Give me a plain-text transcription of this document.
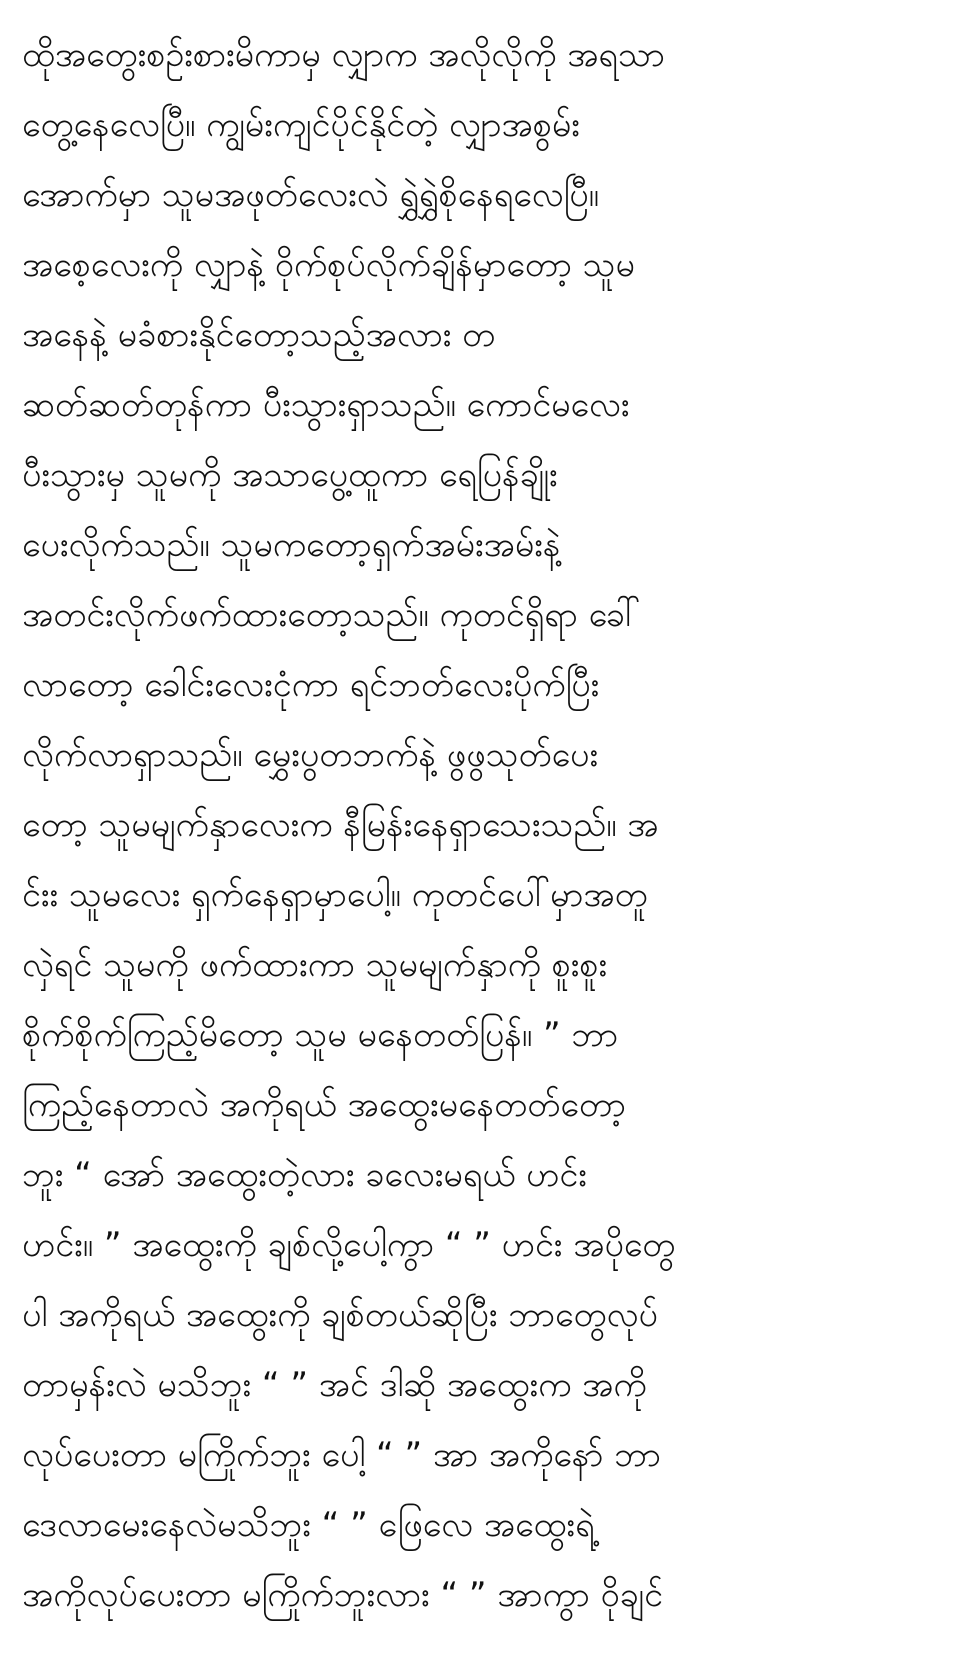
ထိုအတွေးစဉ်းစားမိကာမှ လျှာက အလိုလိုကို အရသာ
တွေ့နေလေပြီ။ ကျွမ်းကျင်ပိုင်နိုင်တဲ့ လျှာအစွမ်း
အောက်မှာ သူမအဖုတ်လေးလဲ ရွှဲရွှဲစိုနေရလေပြီ။
အစေ့လေးကို လျှာနဲ့ ဝိုက်စုပ်လိုက်ချိန်မှာတော့ သူမ
အနေနဲ့ မခံစားနိုင်တော့သည့်အလား တ
ဆတ်ဆတ်တုန်ကာ ပီးသွားရှာသည်။ ကောင်မလေး
ပီးသွားမှ သူမကို အသာပွေ့ထူကာ ရေပြန်ချိုး
ပေးလိုက်သည်။ သူမကတော့ရှက်အမ်းအမ်းနဲ့
အတင်းလိုက်ဖက်ထားတော့သည်။ ကုတင်ရှိရာ ခေါ်
လာတော့ ခေါင်းလေးငုံကာ ရင်ဘတ်လေးပိုက်ပြီး
လိုက်လာရှာသည်။ မွှေးပွတဘက်နဲ့ ဖွဖွသုတ်ပေး
တော့ သူမမျက်နှာလေးက နီမြန်းနေရှာသေးသည်။ အ
င်းး သူမလေး ရှက်နေရှာမှာပေါ့။ ကုတင်ပေါ်မှာအတူ
လှဲရင် သူမကို ဖက်ထားကာ သူမမျက်နှာကို စူးစူး
စိုက်စိုက်ကြည့်မိတော့ သူမ မနေတတ်ပြန်။ ” ဘာ
ကြည့်နေတာလဲ အကိုရယ် အထွေးမနေတတ်တော့
ဘူး “ အော် အထွေးတဲ့လား ခလေးမရယ် ဟင်း
ဟင်း။ ” အထွေးကို ချစ်လို့ပေါ့ကွာ “ ” ဟင်း အပိုတွေ
ပါ အကိုရယ် အထွေးကို ချစ်တယ်ဆိုပြီး ဘာတွေလုပ်
တာမှန်းလဲ မသိဘူး “ ” အင် ဒါဆို အထွေးက အကို
လုပ်ပေးတာ မကြိုက်ဘူး ပေါ့ “ ” အာ အကိုနော် ဘာ
ဒေလာမေးနေလဲမသိဘူး “ ” ဖြေလေ အထွေးရဲ့
အကိုလုပ်ပေးတာ မကြိုက်ဘူးလား “ ” အာကွာ ဝိုချင်
